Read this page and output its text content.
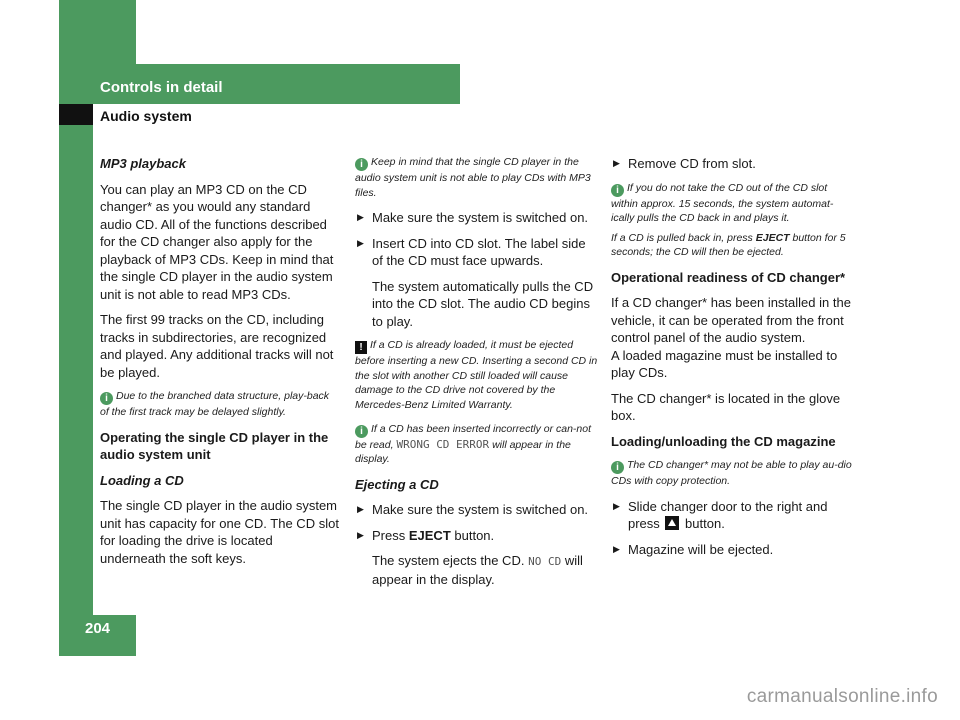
Controls in detail
Audio system
204
MP3 playback

You can play an MP3 CD on the CD changer* as you would any standard audio CD. All of the functions described for the CD changer also apply for the playback of MP3 CDs. Keep in mind that the single CD player in the audio system unit is not able to read MP3 CDs.

The first 99 tracks on the CD, including tracks in subdirectories, are recognized and played. Any additional tracks will not be played.

i Due to the branched data structure, play-back of the first track may be delayed slightly.
Operating the single CD player in the audio system unit
Loading a CD

The single CD player in the audio system unit has capacity for one CD. The CD slot for loading the drive is located underneath the soft keys.

i Keep in mind that the single CD player in the audio system unit is not able to play CDs with MP3 files.
▶ Make sure the system is switched on.
▶ Insert CD into CD slot. The label side of the CD must face upwards.

The system automatically pulls the CD into the CD slot. The audio CD begins to play.

! If a CD is already loaded, it must be ejected before inserting a new CD. Inserting a second CD in the slot with another CD still loaded will cause damage to the CD drive not covered by the Mercedes-Benz Limited Warranty.
i If a CD has been inserted incorrectly or can-not be read, WRONG CD ERROR will appear in the display.
Ejecting a CD
▶ Make sure the system is switched on.
▶ Press EJECT button.

The system ejects the CD. NO CD will appear in the display.

▶ Remove CD from slot.

i If you do not take the CD out of the CD slot within approx. 15 seconds, the system automat-ically pulls the CD back in and plays it.

If a CD is pulled back in, press EJECT button for 5 seconds; the CD will then be ejected.

Operational readiness of CD changer*

If a CD changer* has been installed in the vehicle, it can be operated from the front control panel of the audio system.
A loaded magazine must be installed to play CDs.

The CD changer* is located in the glove box.

Loading/unloading the CD magazine
i The CD changer* may not be able to play au-dio CDs with copy protection.
▶ Slide changer door to the right and press button.
▶ Magazine will be ejected.
carmanualsonline.info
